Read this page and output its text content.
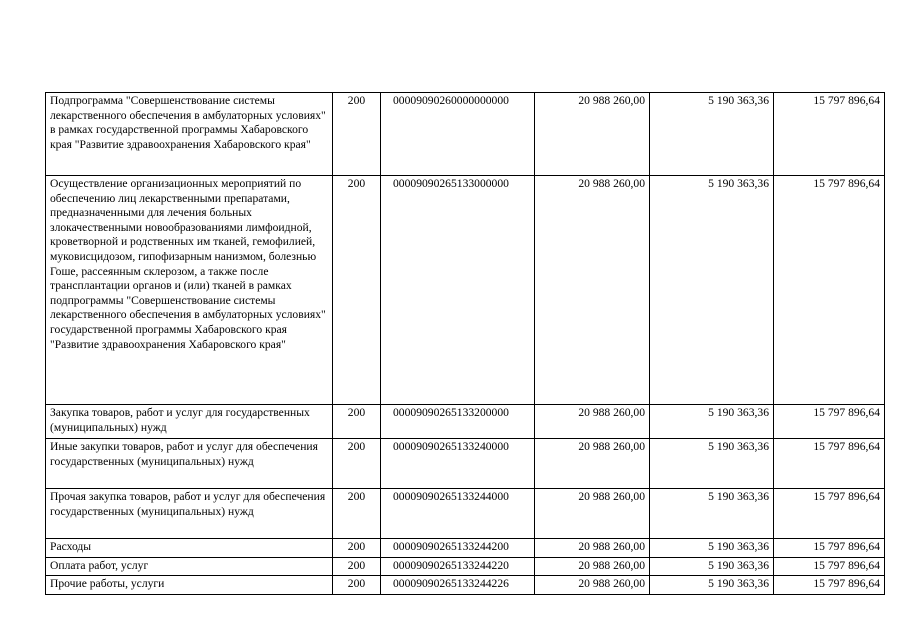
Подпрограмма "Совершенствование системы лекарственного обеспечения в амбулаторных условиях" в рамках государственной программы Хабаровского края "Развитие здравоохранения Хабаровского края"	200	00009090260000000000	20 988 260,00	5 190 363,36	15 797 896,64
Осуществление организационных мероприятий по обеспечению лиц лекарственными препаратами, предназначенными для лечения больных злокачественными новообразованиями лимфоидной, кроветворной и родственных им тканей, гемофилией, муковисцидозом, гипофизарным нанизмом, болезнью Гоше, рассеянным склерозом, а также после трансплантации органов и (или) тканей в рамках подпрограммы "Совершенствование системы лекарственного обеспечения в амбулаторных условиях" государственной программы Хабаровского края "Развитие здравоохранения Хабаровского края"	200	00009090265133000000	20 988 260,00	5 190 363,36	15 797 896,64
Закупка товаров, работ и услуг для государственных (муниципальных) нужд	200	00009090265133200000	20 988 260,00	5 190 363,36	15 797 896,64
Иные закупки товаров, работ и услуг для обеспечения государственных (муниципальных) нужд	200	00009090265133240000	20 988 260,00	5 190 363,36	15 797 896,64
Прочая закупка товаров, работ и услуг для обеспечения государственных (муниципальных) нужд	200	00009090265133244000	20 988 260,00	5 190 363,36	15 797 896,64
Расходы	200	00009090265133244200	20 988 260,00	5 190 363,36	15 797 896,64
Оплата работ, услуг	200	00009090265133244220	20 988 260,00	5 190 363,36	15 797 896,64
Прочие работы, услуги	200	00009090265133244226	20 988 260,00	5 190 363,36	15 797 896,64
